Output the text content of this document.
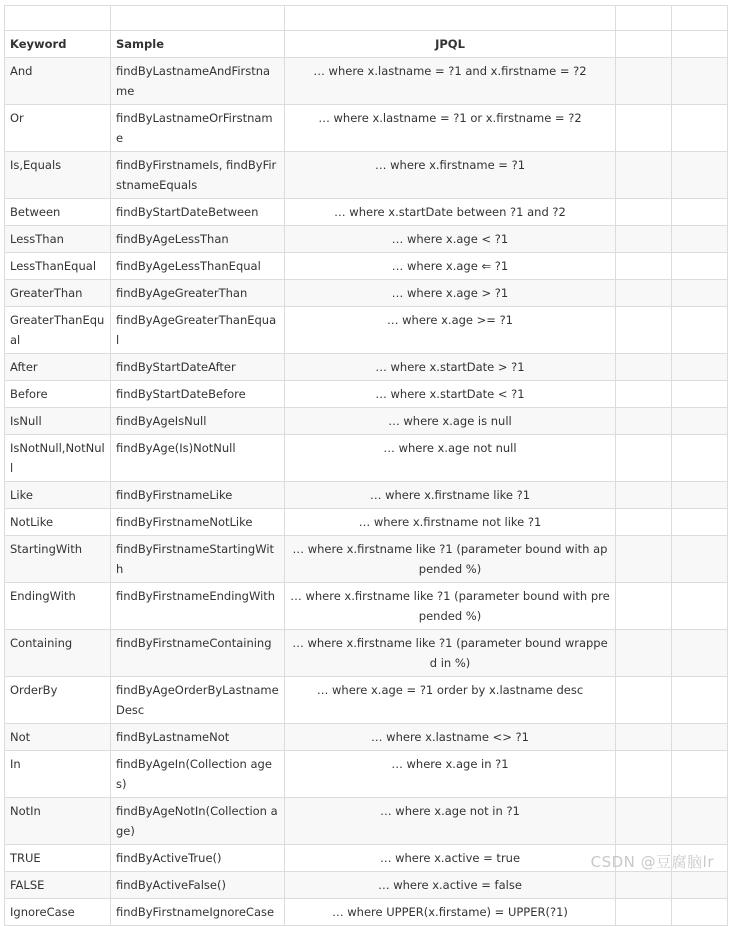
Keyword	Sample	JPQL		
And	findByLastnameAndFirstname	… where x.lastname = ?1 and x.firstname = ?2		
Or	findByLastnameOrFirstname	… where x.lastname = ?1 or x.firstname = ?2		
Is,Equals	findByFirstnameIs, findByFirstnameEquals	… where x.firstname = ?1		
Between	findByStartDateBetween	… where x.startDate between ?1 and ?2		
LessThan	findByAgeLessThan	… where x.age < ?1		
LessThanEqual	findByAgeLessThanEqual	… where x.age ⇐ ?1		
GreaterThan	findByAgeGreaterThan	… where x.age > ?1		
GreaterThanEqual	findByAgeGreaterThanEqual	… where x.age >= ?1		
After	findByStartDateAfter	… where x.startDate > ?1		
Before	findByStartDateBefore	… where x.startDate < ?1		
IsNull	findByAgeIsNull	… where x.age is null		
IsNotNull,NotNull	findByAge(Is)NotNull	… where x.age not null		
Like	findByFirstnameLike	… where x.firstname like ?1		
NotLike	findByFirstnameNotLike	… where x.firstname not like ?1		
StartingWith	findByFirstnameStartingWith	… where x.firstname like ?1 (parameter bound with appended %)		
EndingWith	findByFirstnameEndingWith	… where x.firstname like ?1 (parameter bound with prepended %)		
Containing	findByFirstnameContaining	… where x.firstname like ?1 (parameter bound wrapped in %)		
OrderBy	findByAgeOrderByLastnameDesc	… where x.age = ?1 order by x.lastname desc		
Not	findByLastnameNot	… where x.lastname <> ?1		
In	findByAgeIn(Collection ages)	… where x.age in ?1		
NotIn	findByAgeNotIn(Collection age)	… where x.age not in ?1		
TRUE	findByActiveTrue()	… where x.active = true		
FALSE	findByActiveFalse()	… where x.active = false		
IgnoreCase	findByFirstnameIgnoreCase	… where UPPER(x.firstame) = UPPER(?1)		
CSDN @豆腐脑lr
